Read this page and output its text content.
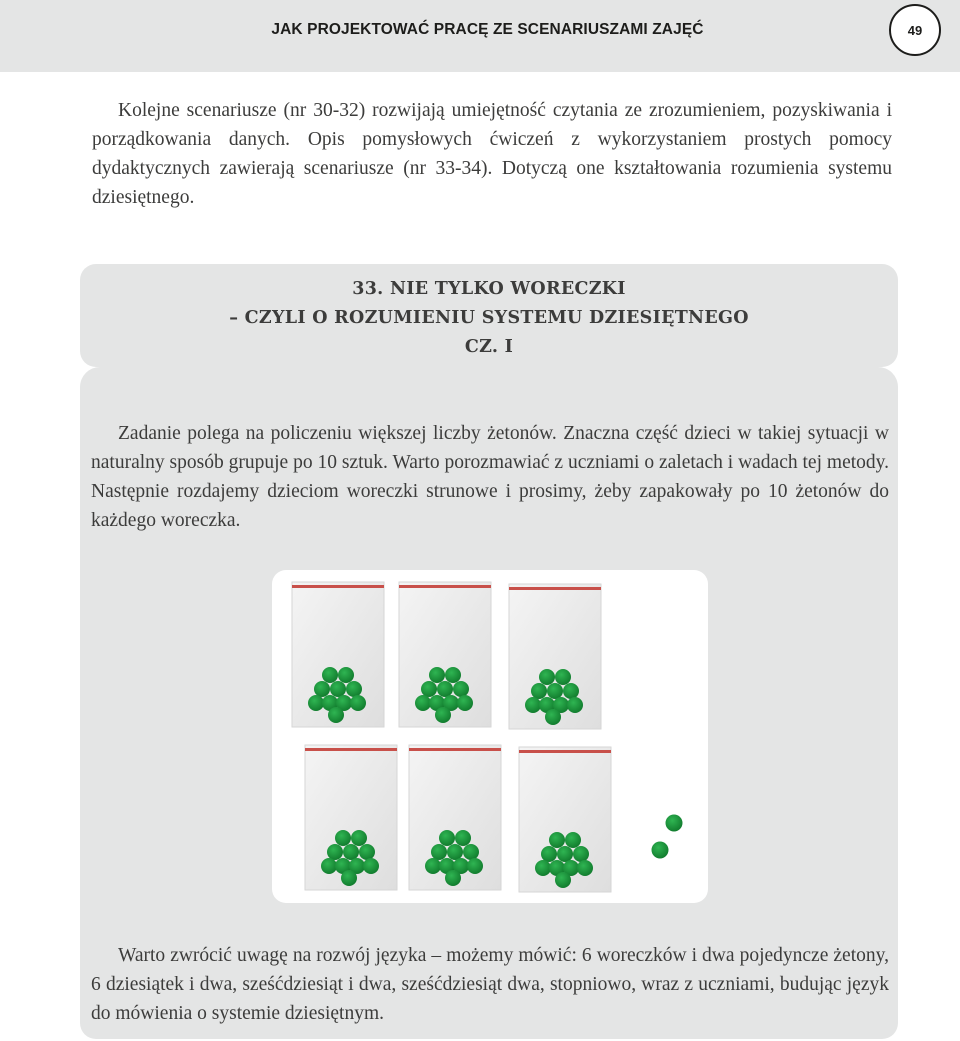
JAK PROJEKTOWAĆ PRACĘ ZE SCENARIUSZAMI ZAJĘĆ	49

Kolejne scenariusze (nr 30-32) rozwijają umiejętność czytania ze zrozumieniem, pozyskiwania i porządkowania danych. Opis pomysłowych ćwiczeń z wykorzystaniem prostych pomocy dydaktycznych zawierają scenariusze (nr 33-34). Dotyczą one kształtowania rozumienia systemu dziesiętnego.

33. NIE TYLKO WORECZKI
– CZYLI O ROZUMIENIU SYSTEMU DZIESIĘTNEGO
CZ. I

Zadanie polega na policzeniu większej liczby żetonów. Znaczna część dzieci w takiej sytuacji w naturalny sposób grupuje po 10 sztuk. Warto porozmawiać z uczniami o zaletach i wadach tej metody. Następnie rozdajemy dzieciom woreczki strunowe i prosimy, żeby zapakowały po 10 żetonów do każdego woreczka.

Warto zwrócić uwagę na rozwój języka – możemy mówić: 6 woreczków i dwa pojedyncze żetony, 6 dziesiątek i dwa, sześćdziesiąt i dwa, sześćdziesiąt dwa, stopniowo, wraz z uczniami, budując język do mówienia o systemie dziesiętnym.
